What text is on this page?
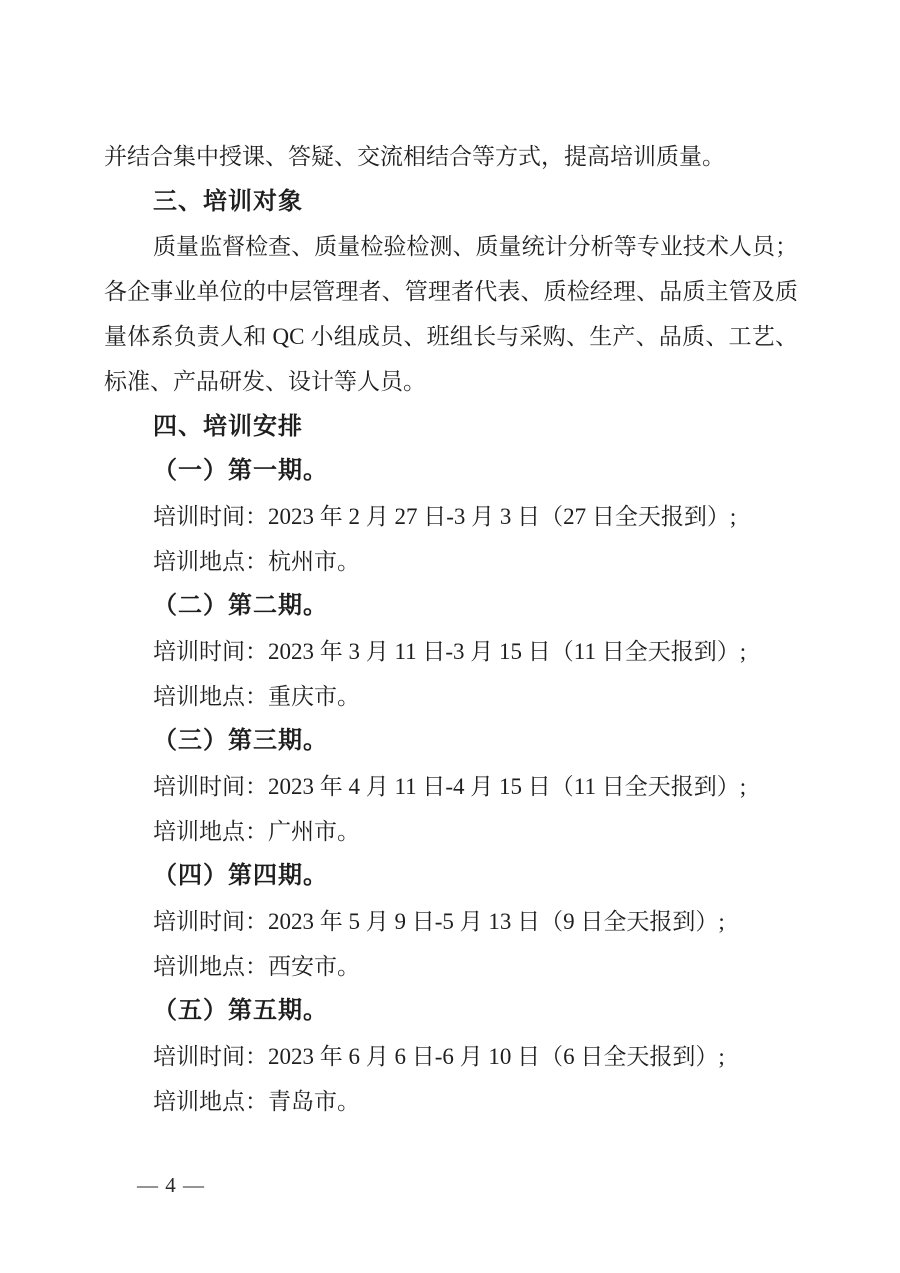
并结合集中授课、答疑、交流相结合等方式，提高培训质量。

三、培训对象

质量监督检查、质量检验检测、质量统计分析等专业技术人员；

各企事业单位的中层管理者、管理者代表、质检经理、品质主管及质

量体系负责人和 QC 小组成员、班组长与采购、生产、品质、工艺、

标准、产品研发、设计等人员。

四、培训安排

（一）第一期。

培训时间：2023 年 2 月 27 日-3 月 3 日（27 日全天报到）;

培训地点：杭州市。

（二）第二期。

培训时间：2023 年 3 月 11 日-3 月 15 日（11 日全天报到）;

培训地点：重庆市。

（三）第三期。

培训时间：2023 年 4 月 11 日-4 月 15 日（11 日全天报到）;

培训地点：广州市。

（四）第四期。

培训时间：2023 年 5 月 9 日-5 月 13 日（9 日全天报到）;

培训地点：西安市。

（五）第五期。

培训时间：2023 年 6 月 6 日-6 月 10 日（6 日全天报到）;

培训地点：青岛市。

— 4 —
